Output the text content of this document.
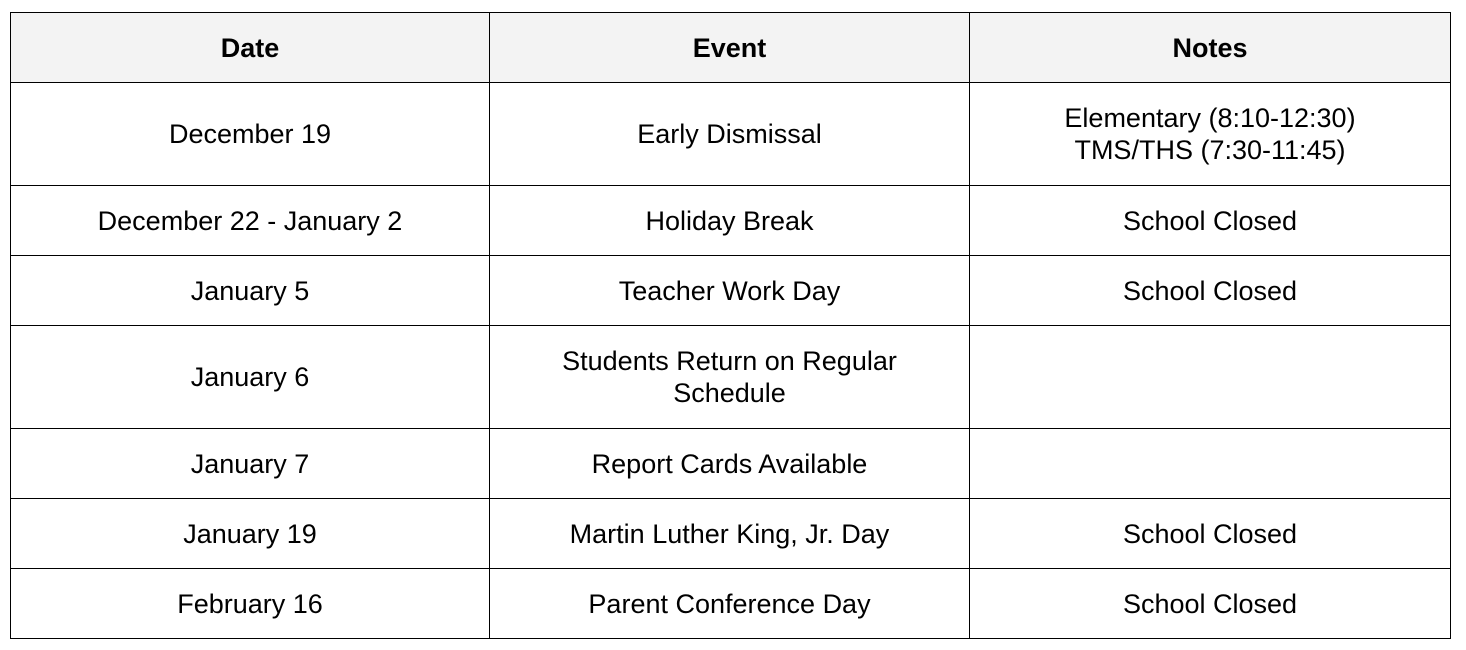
Date	Event	Notes
December 19	Early Dismissal	Elementary (8:10-12:30)
TMS/THS (7:30-11:45)

December 22 - January 2	Holiday Break	School Closed

January 5	Teacher Work Day	School Closed

January 6	Students Return on Regular Schedule	
January 7	Report Cards Available	
January 19	Martin Luther King, Jr. Day	School Closed

February 16	Parent Conference Day	School Closed
